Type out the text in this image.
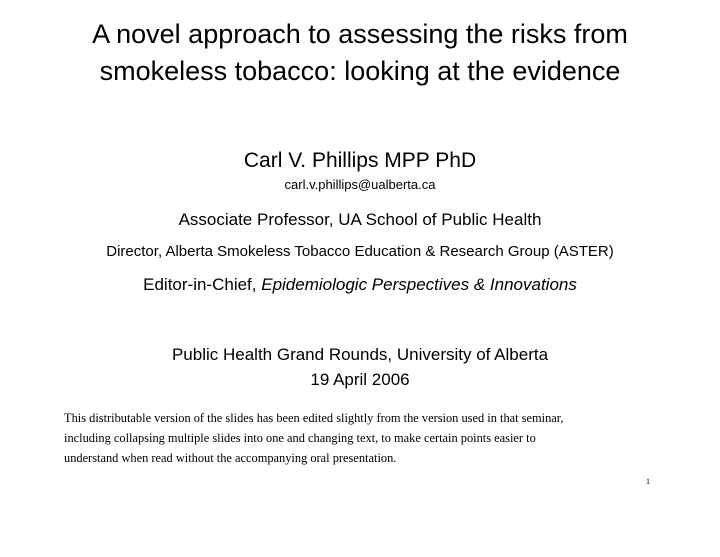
A novel approach to assessing the risks from
smokeless tobacco: looking at the evidence
Carl V. Phillips MPP PhD
carl.v.phillips@ualberta.ca
Associate Professor, UA School of Public Health
Director, Alberta Smokeless Tobacco Education & Research Group (ASTER)
Editor-in-Chief, Epidemiologic Perspectives & Innovations
Public Health Grand Rounds, University of Alberta
19 April 2006
This distributable version of the slides has been edited slightly from the version used in that seminar,
including collapsing multiple slides into one and changing text, to make certain points easier to
understand when read without the accompanying oral presentation.
1
